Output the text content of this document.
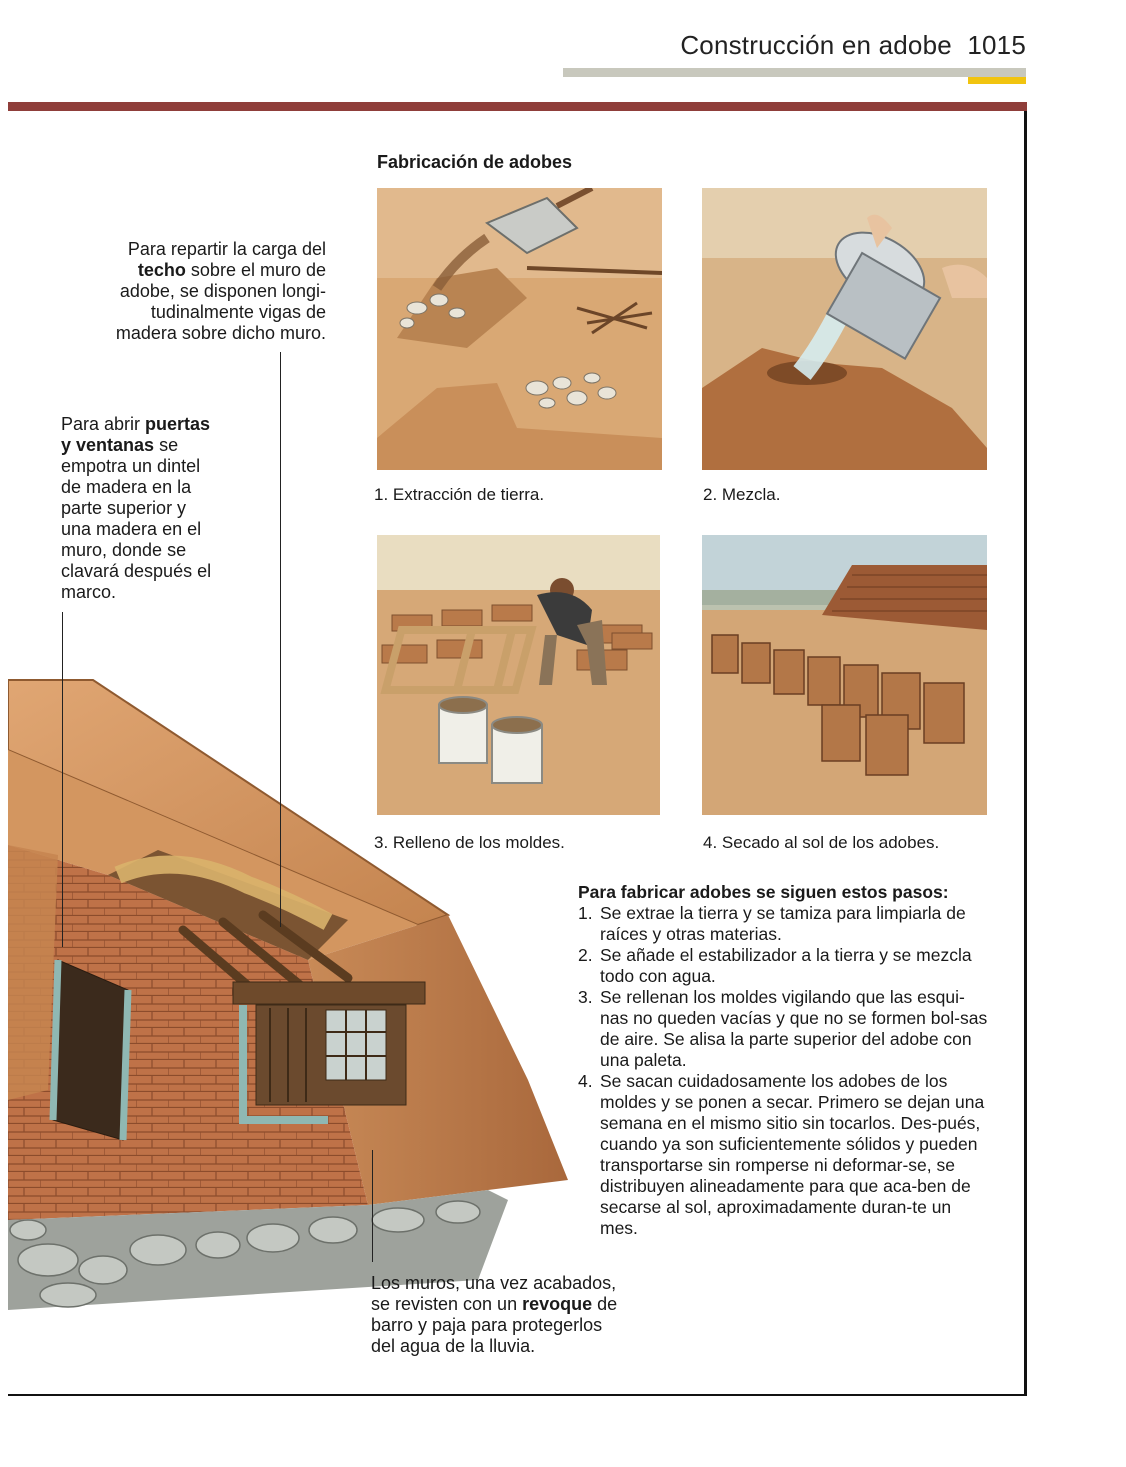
Construcción en adobe 1015
Para repartir la carga del techo sobre el muro de adobe, se disponen longi-tudinalmente vigas de madera sobre dicho muro.
Para abrir puertas y ventanas se empotra un dintel de madera en la parte superior y una madera en el muro, donde se clavará después el marco.
Los muros, una vez acabados, se revisten con un revoque de barro y paja para protegerlos del agua de la lluvia.
Fabricación de adobes
1. Extracción de tierra.	2. Mezcla.
3. Relleno de los moldes.	4. Secado al sol de los adobes.
Para fabricar adobes se siguen estos pasos:
1. Se extrae la tierra y se tamiza para limpiarla de raíces y otras materias.
2. Se añade el estabilizador a la tierra y se mezcla todo con agua.
3. Se rellenan los moldes vigilando que las esqui-nas no queden vacías y que no se formen bol-sas de aire. Se alisa la parte superior del adobe con una paleta.
4. Se sacan cuidadosamente los adobes de los moldes y se ponen a secar. Primero se dejan una semana en el mismo sitio sin tocarlos. Des-pués, cuando ya son suficientemente sólidos y pueden transportarse sin romperse ni deformar-se, se distribuyen alineadamente para que aca-ben de secarse al sol, aproximadamente duran-te un mes.
